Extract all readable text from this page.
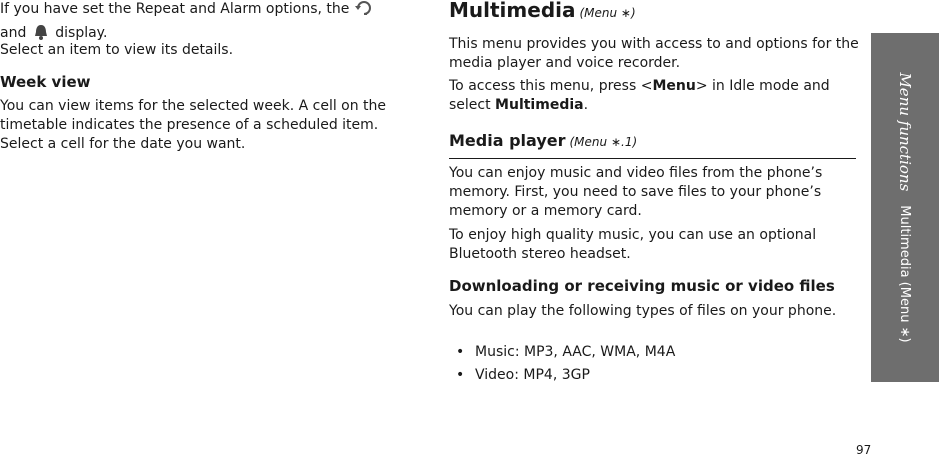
If you have set the Repeat and Alarm options, the
and display.

Select an item to view its details.

Week view

You can view items for the selected week. A cell on the timetable indicates the presence of a scheduled item. Select a cell for the date you want.

Multimedia (Menu ∗)

This menu provides you with access to and options for the media player and voice recorder.

To access this menu, press <Menu> in Idle mode and select Multimedia.

Media player (Menu ∗.1)

You can enjoy music and video files from the phone’s memory. First, you need to save files to your phone’s memory or a memory card.

To enjoy high quality music, you can use an optional Bluetooth stereo headset.

Downloading or receiving music or video files

You can play the following types of files on your phone.

• Music: MP3, AAC, WMA, M4A
• Video: MP4, 3GP
Menu functions
Multimedia (Menu ∗)
97
